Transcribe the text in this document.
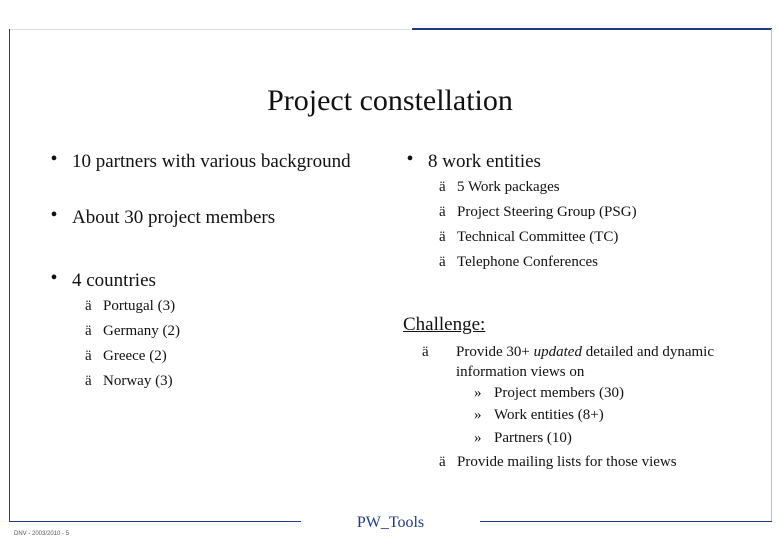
Project constellation
• 10 partners with various background
• About 30 project members
• 4 countries
ä Portugal (3)
ä Germany (2)
ä Greece (2)
ä Norway (3)
• 8 work entities
ä 5 Work packages
ä Project Steering Group (PSG)
ä Technical Committee (TC)
ä Telephone Conferences
Challenge:
ä Provide 30+ updated detailed and dynamic information views on
» Project members (30)
» Work entities (8+)
» Partners (10)
ä Provide mailing lists for those views
PW_Tools
DNV - 2003/2010 - 5
